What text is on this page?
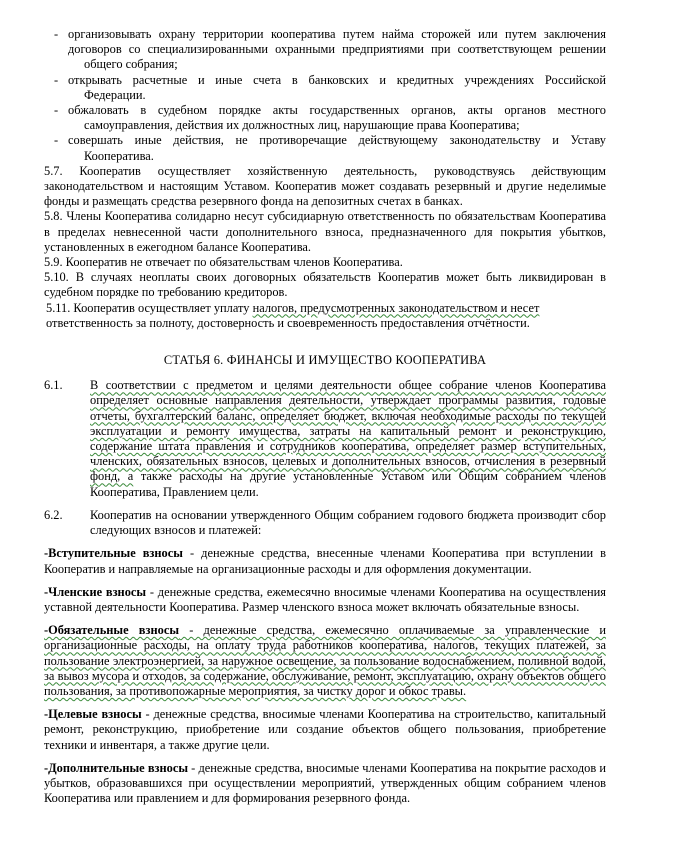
- организовывать охрану территории кооператива путем найма сторожей или путем заключения договоров со специализированными охранными предприятиями при соответствующем решении
общего собрания;
- открывать расчетные и иные счета в банковских и кредитных учреждениях Российской
Федерации.
- обжаловать в судебном порядке акты государственных органов, акты органов местного
самоуправления, действия их должностных лиц, нарушающие права Кооператива;
- совершать иные действия, не противоречащие действующему законодательству и Уставу
Кооператива.

5.7. Кооператив осуществляет хозяйственную деятельность, руководствуясь действующим законодательством и настоящим Уставом. Кооператив может создавать резервный и другие неделимые фонды и размещать средства резервного фонда на депозитных счетах в банках.

5.8. Члены Кооператива солидарно несут субсидиарную ответственность по обязательствам Кооператива в пределах невнесенной части дополнительного взноса, предназначенного для покрытия убытков, установленных в ежегодном балансе Кооператива.

5.9. Кооператив не отвечает по обязательствам членов Кооператива.

5.10. В случаях неоплаты своих договорных обязательств Кооператив может быть ликвидирован в судебном порядке по требованию кредиторов.

5.11. Кооператив осуществляет уплату налогов, предусмотренных законодательством и несет
ответственность за полноту, достоверность и своевременность предоставления отчётности.

СТАТЬЯ 6. ФИНАНСЫ И ИМУЩЕСТВО КООПЕРАТИВА
6.1.	В соответствии с предметом и целями деятельности общее собрание членов Кооператива определяет основные направления деятельности, утверждает программы развития, годовые отчеты, бухгалтерский баланс, определяет бюджет, включая необходимые расходы по текущей эксплуатации и ремонту имущества, затраты на капитальный ремонт и реконструкцию, содержание штата правления и сотрудников кооператива, определяет размер вступительных, членских, обязательных взносов, целевых и дополнительных взносов, отчисления в резервный фонд, а также расходы на другие установленные Уставом или Общим собранием членов Кооператива, Правлением цели.
6.2.	Кооператив на основании утвержденного Общим собранием годового бюджета производит сбор следующих взносов и платежей:
-Вступительные взносы - денежные средства, внесенные членами Кооператива при вступлении в Кооператив и направляемые на организационные расходы и для оформления документации.
-Членские взносы - денежные средства, ежемесячно вносимые членами Кооператива на осуществления уставной деятельности Кооператива. Размер членского взноса может включать обязательные взносы.
-Обязательные взносы - денежные средства, ежемесячно оплачиваемые за управленческие и организационные расходы, на оплату труда работников кооператива, налогов, текущих платежей, за пользование электроэнергией, за наружное освещение, за пользование водоснабжением, поливной водой, за вывоз мусора и отходов, за содержание, обслуживание, ремонт, эксплуатацию, охрану объектов общего пользования, за противопожарные мероприятия, за чистку дорог и обкос травы.
-Целевые взносы - денежные средства, вносимые членами Кооператива на строительство, капитальный ремонт, реконструкцию, приобретение или создание объектов общего пользования, приобретение техники и инвентаря, а также другие цели.
-Дополнительные взносы - денежные средства, вносимые членами Кооператива на покрытие расходов и убытков, образовавшихся при осуществлении мероприятий, утвержденных общим собранием членов Кооператива или правлением и для формирования резервного фонда.
